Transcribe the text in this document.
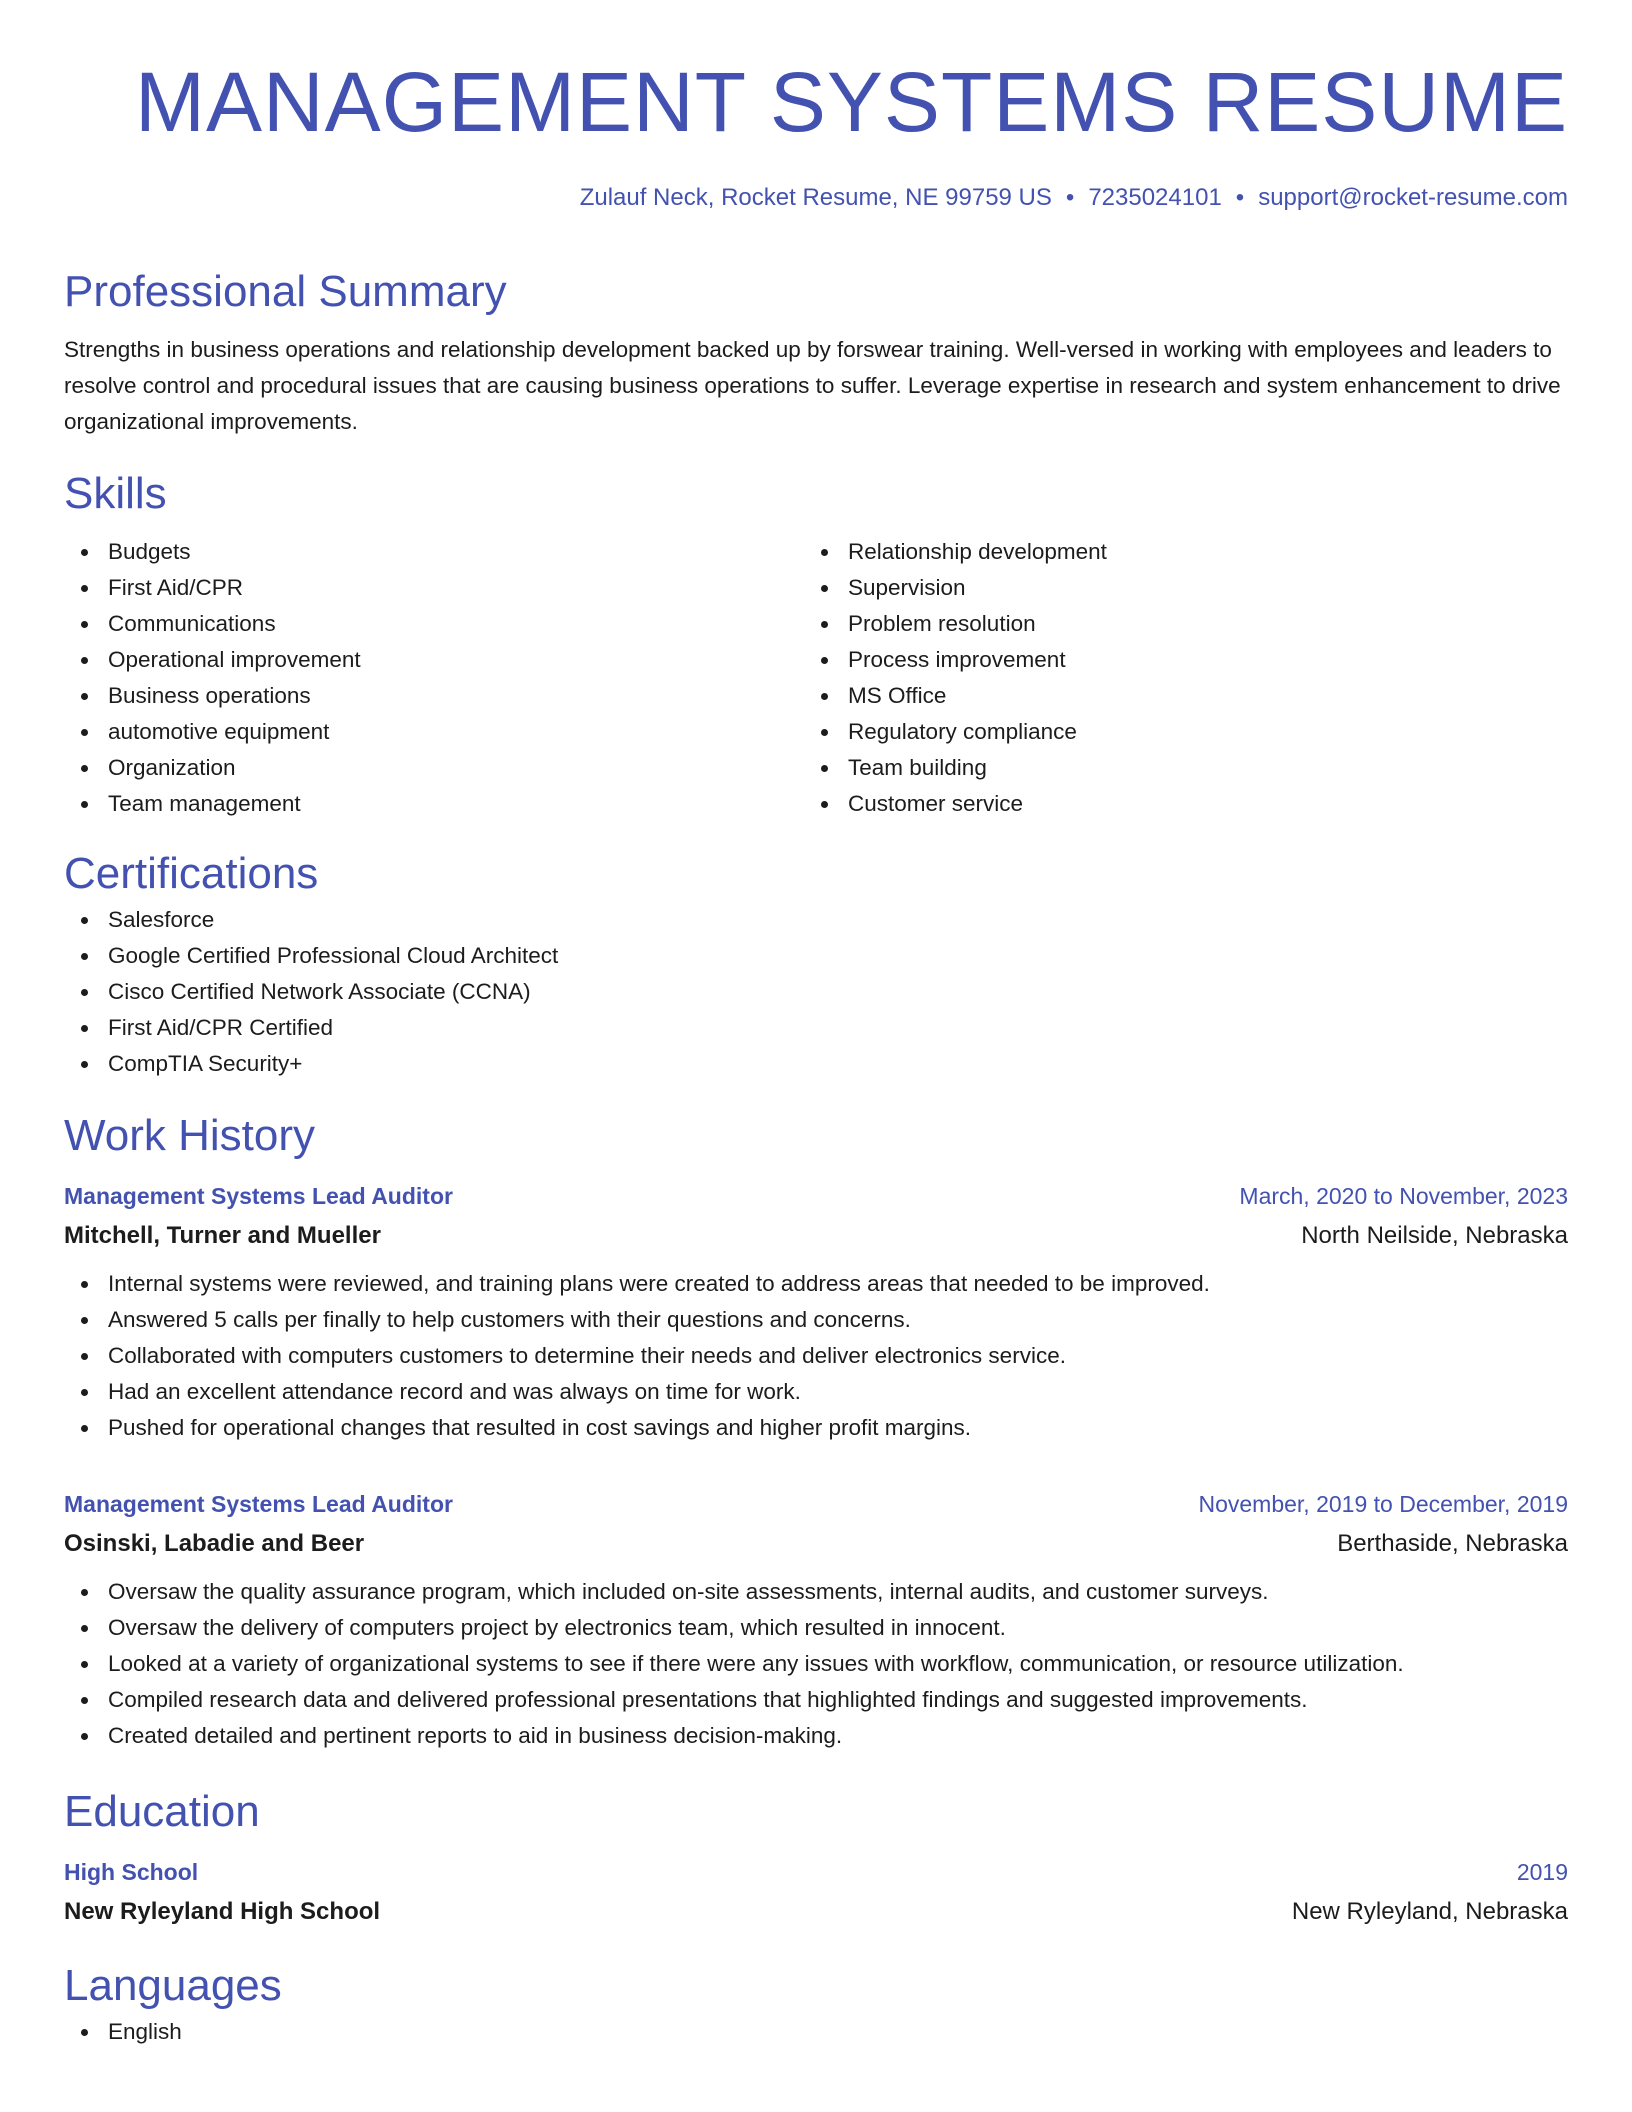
MANAGEMENT SYSTEMS RESUME
Zulauf Neck, Rocket Resume, NE 99759 US • 7235024101 • support@rocket-resume.com
Professional Summary

Strengths in business operations and relationship development backed up by forswear training. Well-versed in working with employees and leaders to resolve control and procedural issues that are causing business operations to suffer. Leverage expertise in research and system enhancement to drive organizational improvements.

Skills
Budgets
First Aid/CPR
Communications
Operational improvement
Business operations
automotive equipment
Organization
Team management
Relationship development
Supervision
Problem resolution
Process improvement
MS Office
Regulatory compliance
Team building
Customer service
Certifications
Salesforce
Google Certified Professional Cloud Architect
Cisco Certified Network Associate (CCNA)
First Aid/CPR Certified
CompTIA Security+
Work History
Management Systems Lead Auditor	March, 2020 to November, 2023
Mitchell, Turner and Mueller	North Neilside, Nebraska
Internal systems were reviewed, and training plans were created to address areas that needed to be improved.
Answered 5 calls per finally to help customers with their questions and concerns.
Collaborated with computers customers to determine their needs and deliver electronics service.
Had an excellent attendance record and was always on time for work.
Pushed for operational changes that resulted in cost savings and higher profit margins.
Management Systems Lead Auditor	November, 2019 to December, 2019
Osinski, Labadie and Beer	Berthaside, Nebraska
Oversaw the quality assurance program, which included on-site assessments, internal audits, and customer surveys.
Oversaw the delivery of computers project by electronics team, which resulted in innocent.
Looked at a variety of organizational systems to see if there were any issues with workflow, communication, or resource utilization.
Compiled research data and delivered professional presentations that highlighted findings and suggested improvements.
Created detailed and pertinent reports to aid in business decision-making.
Education
High School	2019
New Ryleyland High School	New Ryleyland, Nebraska
Languages
English
